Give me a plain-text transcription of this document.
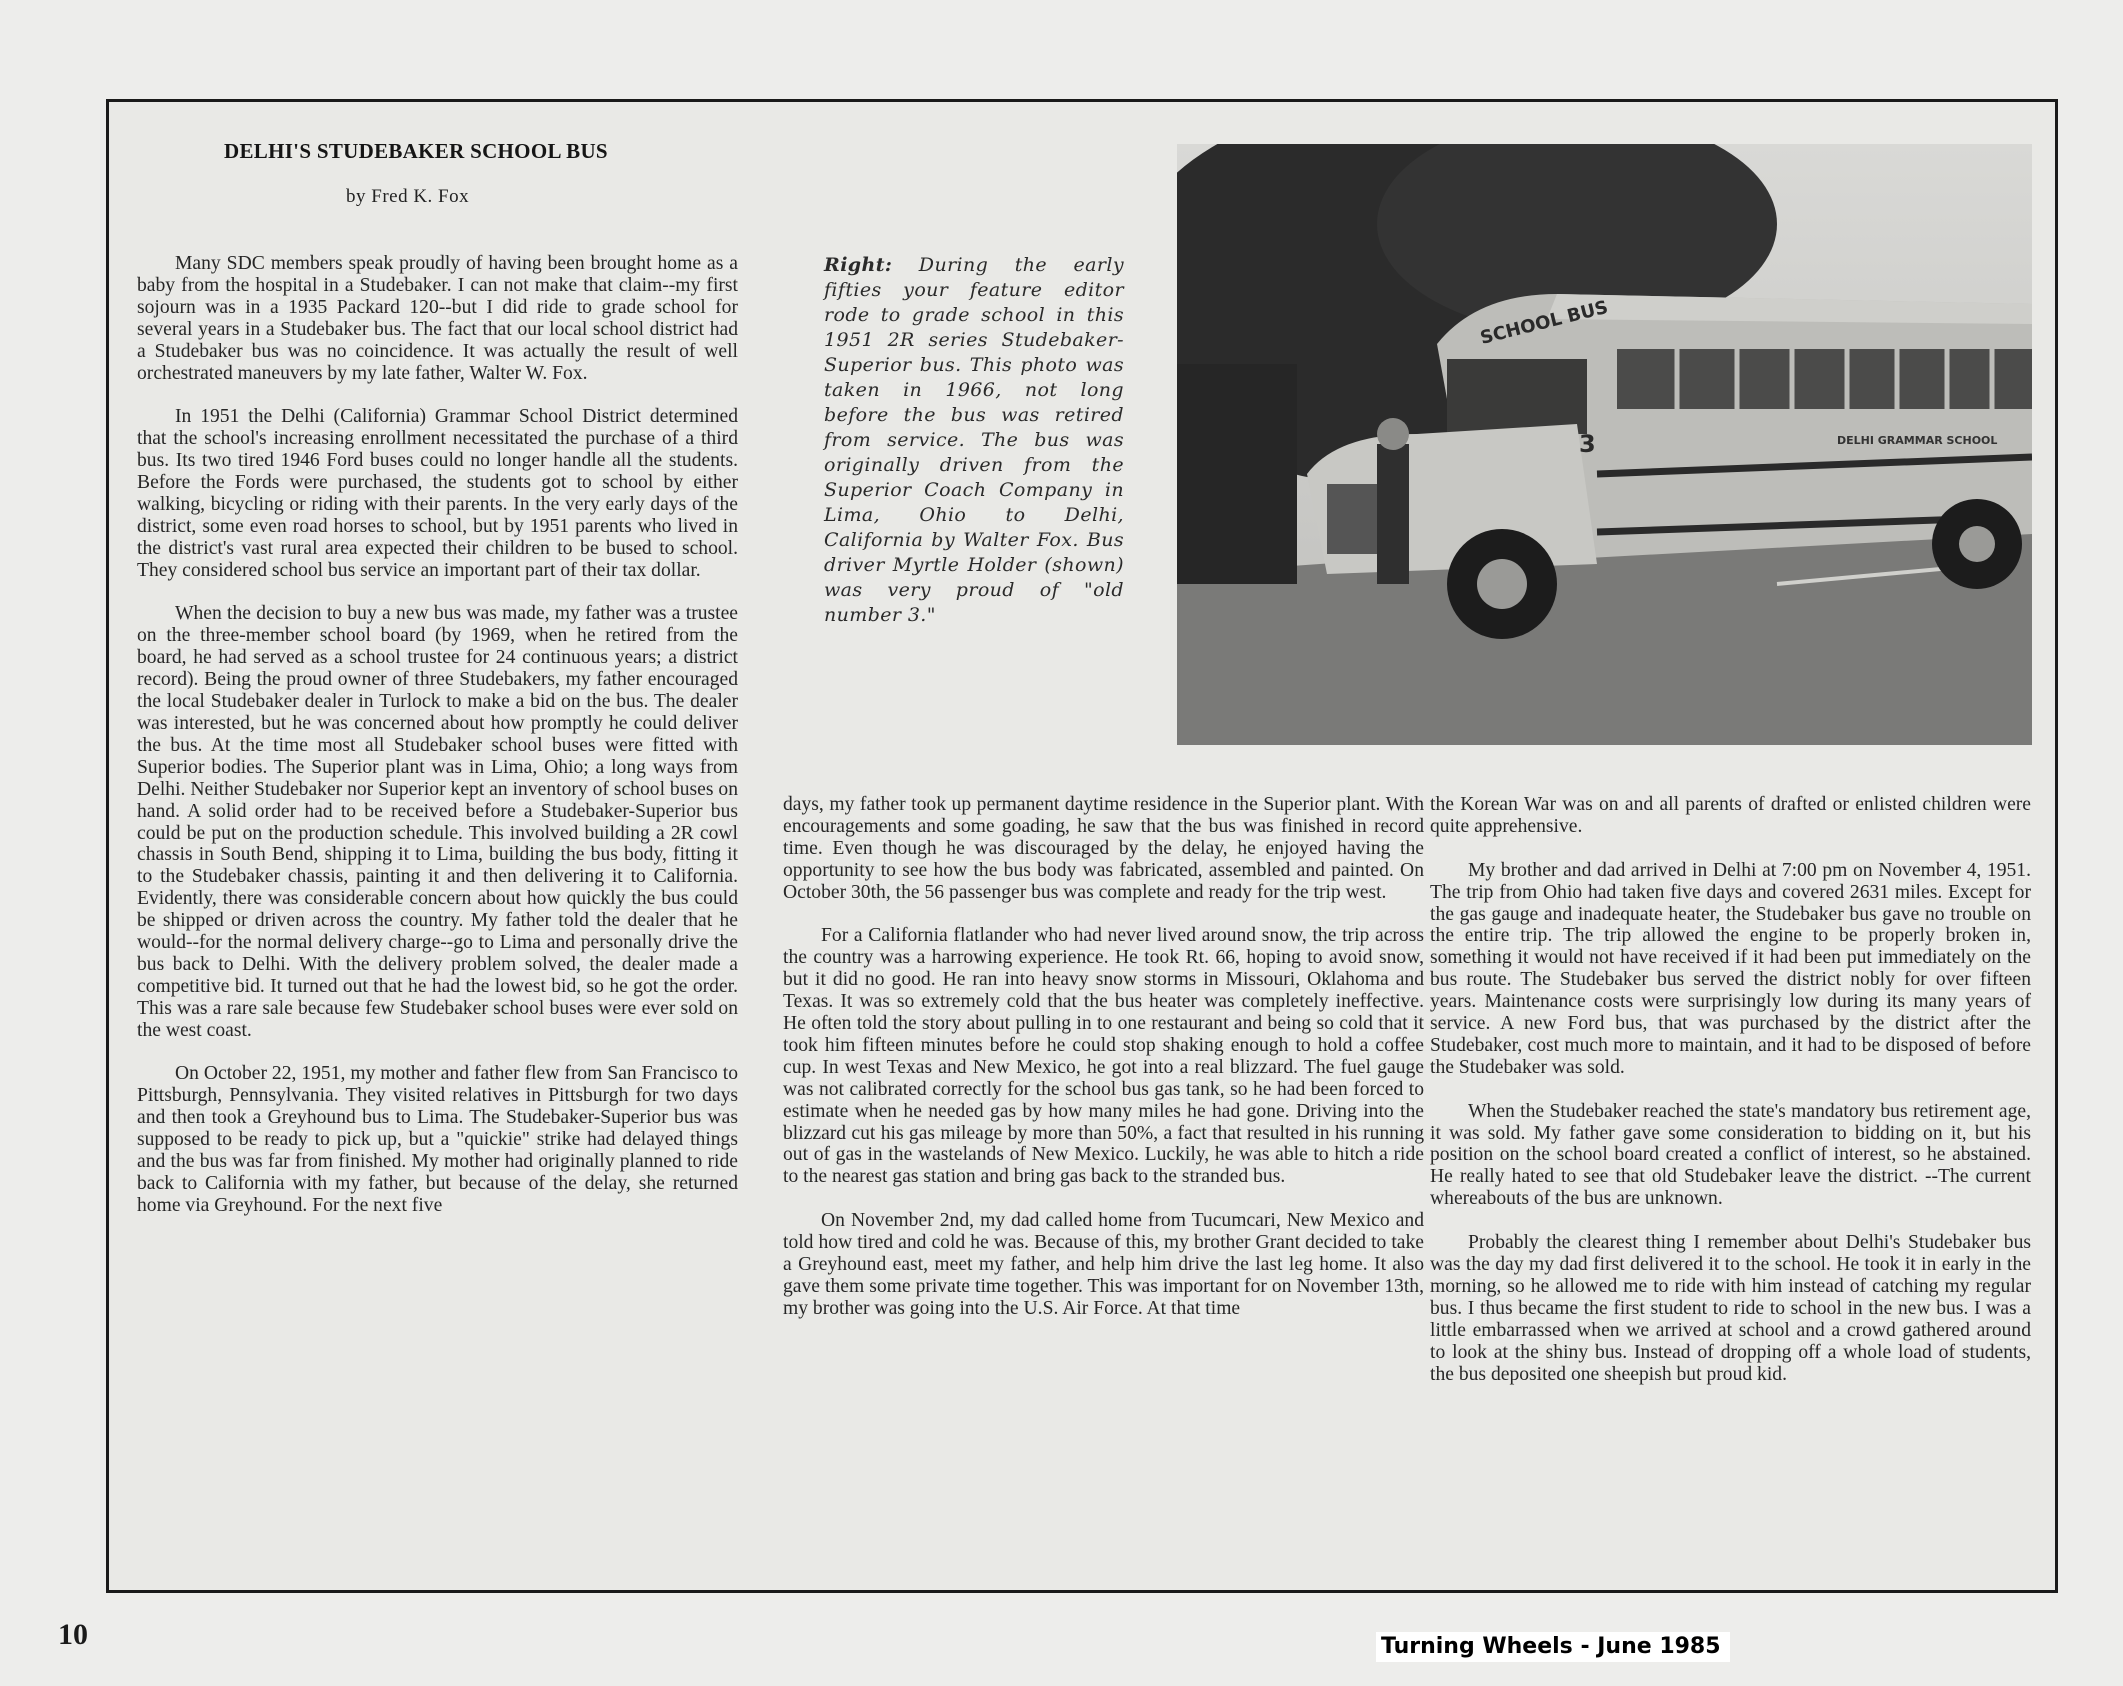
DELHI'S STUDEBAKER SCHOOL BUS
by Fred K. Fox

Many SDC members speak proudly of having been brought home as a baby from the hospital in a Studebaker. I can not make that claim--my first sojourn was in a 1935 Packard 120--but I did ride to grade school for several years in a Studebaker bus. The fact that our local school district had a Studebaker bus was no coincidence. It was actually the result of well orchestrated maneuvers by my late father, Walter W. Fox.

In 1951 the Delhi (California) Grammar School District determined that the school's increasing enrollment necessitated the purchase of a third bus. Its two tired 1946 Ford buses could no longer handle all the students. Before the Fords were purchased, the students got to school by either walking, bicycling or riding with their parents. In the very early days of the district, some even road horses to school, but by 1951 parents who lived in the district's vast rural area expected their children to be bused to school. They considered school bus service an important part of their tax dollar.

When the decision to buy a new bus was made, my father was a trustee on the three-member school board (by 1969, when he retired from the board, he had served as a school trustee for 24 continuous years; a district record). Being the proud owner of three Studebakers, my father encouraged the local Studebaker dealer in Turlock to make a bid on the bus. The dealer was interested, but he was concerned about how promptly he could deliver the bus. At the time most all Studebaker school buses were fitted with Superior bodies. The Superior plant was in Lima, Ohio; a long ways from Delhi. Neither Studebaker nor Superior kept an inventory of school buses on hand. A solid order had to be received before a Studebaker-Superior bus could be put on the production schedule. This involved building a 2R cowl chassis in South Bend, shipping it to Lima, building the bus body, fitting it to the Studebaker chassis, painting it and then delivering it to California. Evidently, there was considerable concern about how quickly the bus could be shipped or driven across the country. My father told the dealer that he would--for the normal delivery charge--go to Lima and personally drive the bus back to Delhi. With the delivery problem solved, the dealer made a competitive bid. It turned out that he had the lowest bid, so he got the order. This was a rare sale because few Studebaker school buses were ever sold on the west coast.

On October 22, 1951, my mother and father flew from San Francisco to Pittsburgh, Pennsylvania. They visited relatives in Pittsburgh for two days and then took a Greyhound bus to Lima. The Studebaker-Superior bus was supposed to be ready to pick up, but a "quickie" strike had delayed things and the bus was far from finished. My mother had originally planned to ride back to California with my father, but because of the delay, she returned home via Greyhound. For the next five

Right: During the early fifties your feature editor rode to grade school in this 1951 2R series Studebaker-Superior bus. This photo was taken in 1966, not long before the bus was retired from service. The bus was originally driven from the Superior Coach Company in Lima, Ohio to Delhi, California by Walter Fox. Bus driver Myrtle Holder (shown) was very proud of "old number 3."
SCHOOL BUS
DELHI GRAMMAR SCHOOL
3

days, my father took up permanent daytime residence in the Superior plant. With encouragements and some goading, he saw that the bus was finished in record time. Even though he was discouraged by the delay, he enjoyed having the opportunity to see how the bus body was fabricated, assembled and painted. On October 30th, the 56 passenger bus was complete and ready for the trip west.

For a California flatlander who had never lived around snow, the trip across the country was a harrowing experience. He took Rt. 66, hoping to avoid snow, but it did no good. He ran into heavy snow storms in Missouri, Oklahoma and Texas. It was so extremely cold that the bus heater was completely ineffective. He often told the story about pulling in to one restaurant and being so cold that it took him fifteen minutes before he could stop shaking enough to hold a coffee cup. In west Texas and New Mexico, he got into a real blizzard. The fuel gauge was not calibrated correctly for the school bus gas tank, so he had been forced to estimate when he needed gas by how many miles he had gone. Driving into the blizzard cut his gas mileage by more than 50%, a fact that resulted in his running out of gas in the wastelands of New Mexico. Luckily, he was able to hitch a ride to the nearest gas station and bring gas back to the stranded bus.

On November 2nd, my dad called home from Tucumcari, New Mexico and told how tired and cold he was. Because of this, my brother Grant decided to take a Greyhound east, meet my father, and help him drive the last leg home. It also gave them some private time together. This was important for on November 13th, my brother was going into the U.S. Air Force. At that time

the Korean War was on and all parents of drafted or enlisted children were quite apprehensive.

My brother and dad arrived in Delhi at 7:00 pm on November 4, 1951. The trip from Ohio had taken five days and covered 2631 miles. Except for the gas gauge and inadequate heater, the Studebaker bus gave no trouble on the entire trip. The trip allowed the engine to be properly broken in, something it would not have received if it had been put immediately on the bus route. The Studebaker bus served the district nobly for over fifteen years. Maintenance costs were surprisingly low during its many years of service. A new Ford bus, that was purchased by the district after the Studebaker, cost much more to maintain, and it had to be disposed of before the Studebaker was sold.

When the Studebaker reached the state's mandatory bus retirement age, it was sold. My father gave some consideration to bidding on it, but his position on the school board created a conflict of interest, so he abstained. He really hated to see that old Studebaker leave the district. --The current whereabouts of the bus are unknown.

Probably the clearest thing I remember about Delhi's Studebaker bus was the day my dad first delivered it to the school. He took it in early in the morning, so he allowed me to ride with him instead of catching my regular bus. I thus became the first student to ride to school in the new bus. I was a little embarrassed when we arrived at school and a crowd gathered around to look at the shiny bus. Instead of dropping off a whole load of students, the bus deposited one sheepish but proud kid.

10	Turning Wheels - June 1985
